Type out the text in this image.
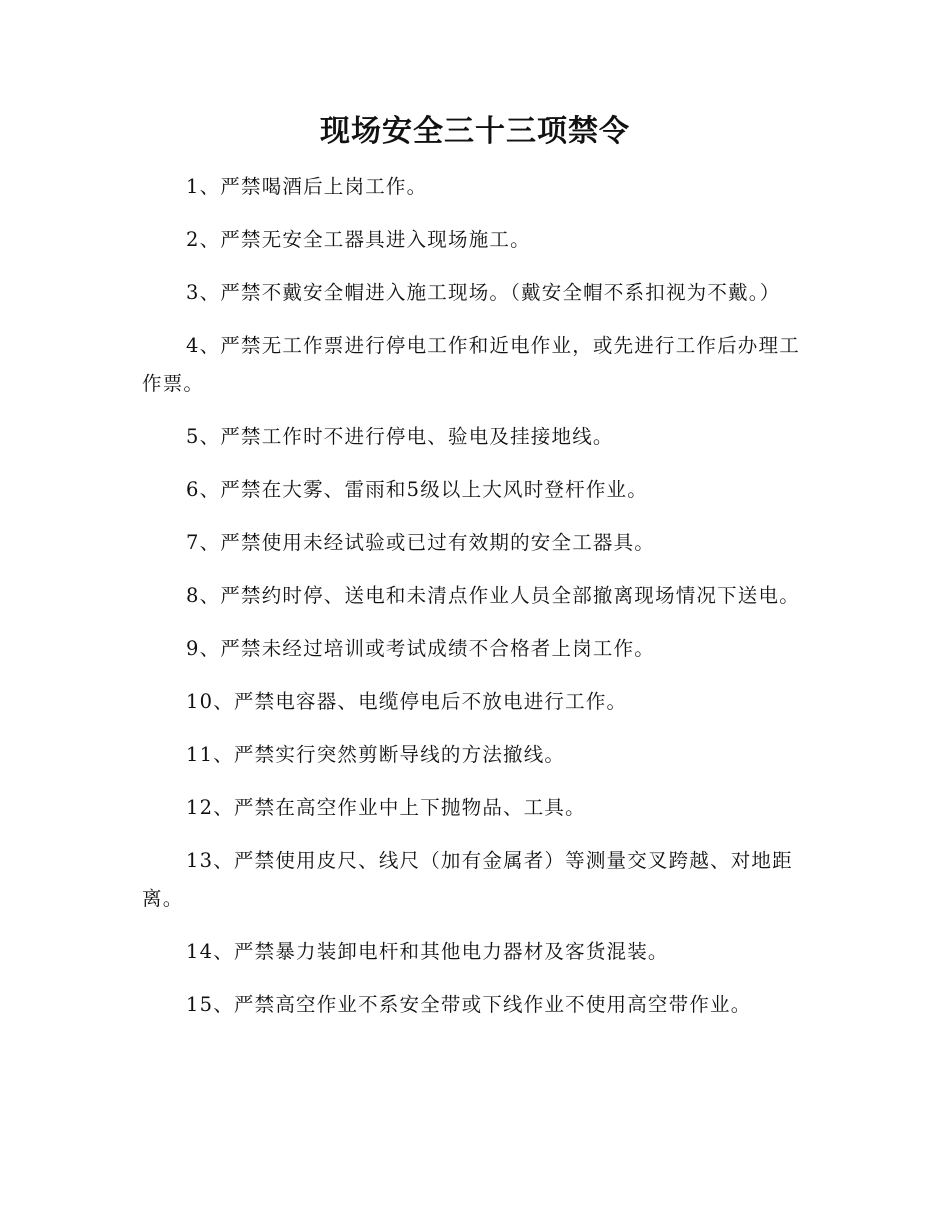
现场安全三十三项禁令

1、严禁喝酒后上岗工作。

2、严禁无安全工器具进入现场施工。

3、严禁不戴安全帽进入施工现场。（戴安全帽不系扣视为不戴。）

4、严禁无工作票进行停电工作和近电作业，或先进行工作后办理工作票。

5、严禁工作时不进行停电、验电及挂接地线。

6、严禁在大雾、雷雨和5级以上大风时登杆作业。

7、严禁使用未经试验或已过有效期的安全工器具。

8、严禁约时停、送电和未清点作业人员全部撤离现场情况下送电。

9、严禁未经过培训或考试成绩不合格者上岗工作。

10、严禁电容器、电缆停电后不放电进行工作。

11、严禁实行突然剪断导线的方法撤线。

12、严禁在高空作业中上下抛物品、工具。

13、严禁使用皮尺、线尺（加有金属者）等测量交叉跨越、对地距离。

14、严禁暴力装卸电杆和其他电力器材及客货混装。

15、严禁高空作业不系安全带或下线作业不使用高空带作业。
